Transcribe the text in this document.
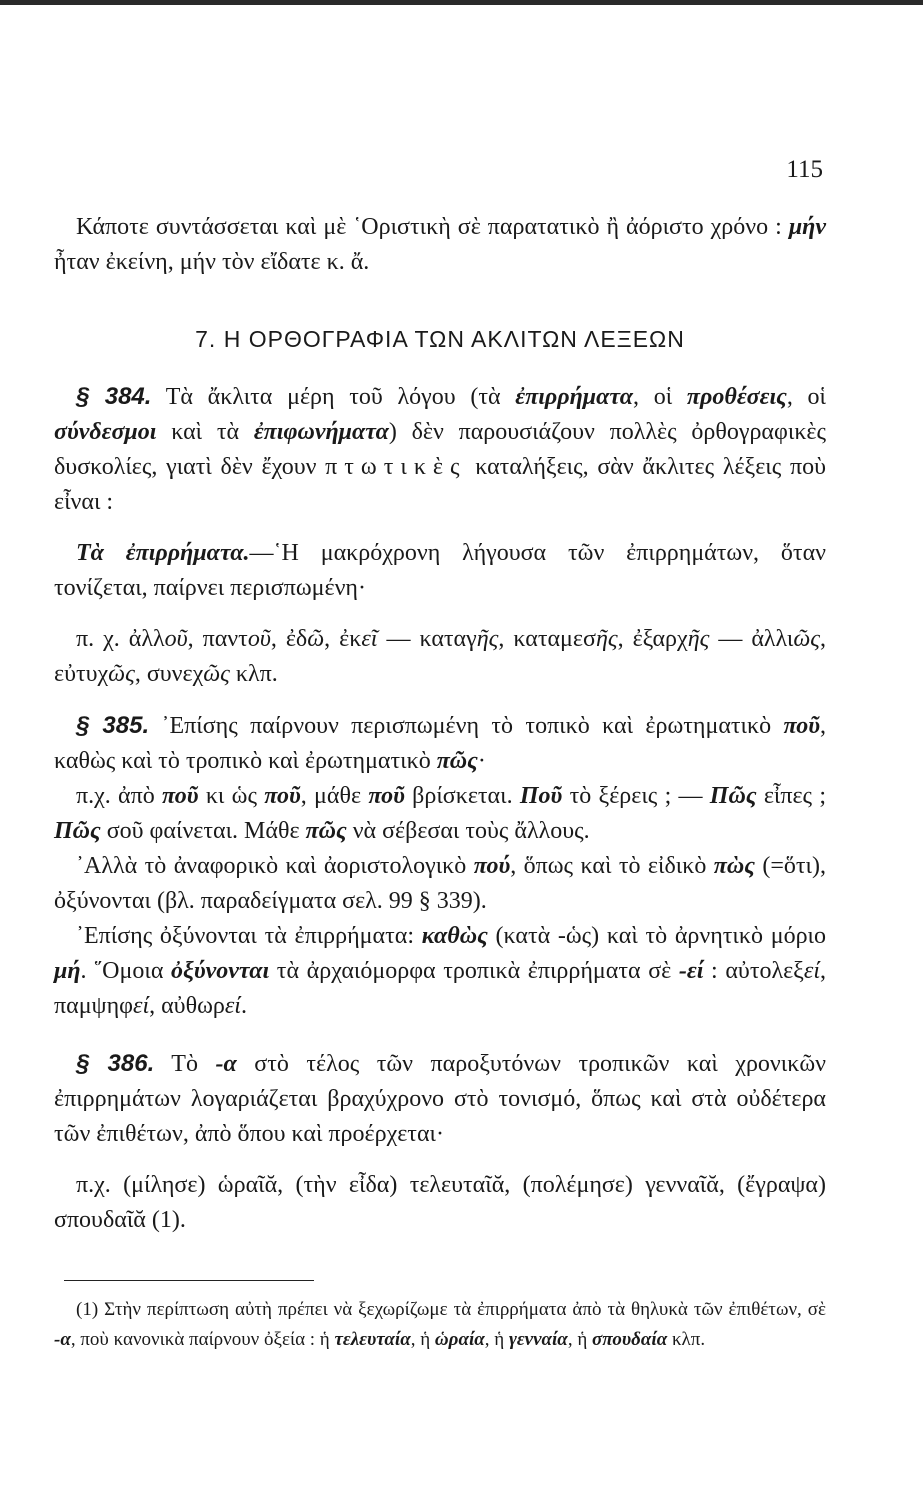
115

Κάποτε συντάσσεται καὶ μὲ ῾Οριστικὴ σὲ παρατατικὸ ἢ ἀόριστο χρόνο : μήν ἦταν ἐκείνη, μήν τὸν εἴδατε κ. ἄ.

7. Η ΟΡΘΟΓΡΑΦΙΑ ΤΩΝ ΑΚΛΙΤΩΝ ΛΕΞΕΩΝ

§ 384. Τὰ ἄκλιτα μέρη τοῦ λόγου (τὰ ἐπιρρήματα, οἱ προθέσεις, οἱ σύνδεσμοι καὶ τὰ ἐπιφωνήματα) δὲν παρουσιάζουν πολλὲς ὀρθογραφικὲς δυσκολίες, γιατὶ δὲν ἔχουν πτωτικὲς καταλήξεις, σὰν ἄκλιτες λέξεις ποὺ εἶναι :

Τὰ ἐπιρρήματα.—῾Η μακρόχρονη λήγουσα τῶν ἐπιρρημάτων, ὅταν τονίζεται, παίρνει περισπωμένη·

π. χ. ἀλλοῦ, παντοῦ, ἐδῶ, ἐκεῖ — καταγῆς, καταμεσῆς, ἐξαρχῆς — ἀλλιῶς, εὐτυχῶς, συνεχῶς κλπ.

§ 385. ᾿Επίσης παίρνουν περισπωμένη τὸ τοπικὸ καὶ ἐρωτηματικὸ ποῦ, καθὼς καὶ τὸ τροπικὸ καὶ ἐρωτηματικὸ πῶς·

π.χ. ἀπὸ ποῦ κι ὡς ποῦ, μάθε ποῦ βρίσκεται. Ποῦ τὸ ξέρεις ; — Πῶς εἶπες ; Πῶς σοῦ φαίνεται. Μάθε πῶς νὰ σέβεσαι τοὺς ἄλλους.

᾿Αλλὰ τὸ ἀναφορικὸ καὶ ἀοριστολογικὸ πού, ὅπως καὶ τὸ εἰδικὸ πὼς (=ὅτι), ὀξύνονται (βλ. παραδείγματα σελ. 99 § 339).

᾿Επίσης ὀξύνονται τὰ ἐπιρρήματα: καθὼς (κατὰ -ὡς) καὶ τὸ ἀρνητικὸ μόριο μή. ῞Ομοια ὀξύνονται τὰ ἀρχαιόμορφα τροπικὰ ἐπιρρήματα σὲ -εί : αὐτολεξεί, παμψηφεί, αὐθωρεί.

§ 386. Τὸ -α στὸ τέλος τῶν παροξυτόνων τροπικῶν καὶ χρονικῶν ἐπιρρημάτων λογαριάζεται βραχύχρονο στὸ τονισμό, ὅπως καὶ στὰ οὐδέτερα τῶν ἐπιθέτων, ἀπὸ ὅπου καὶ προέρχεται·

π.χ. (μίλησε) ὡραῖᾰ, (τὴν εἶδα) τελευταῖᾰ, (πολέμησε) γενναῖᾰ, (ἔγραψα) σπουδαῖᾰ (1).

(1) Στὴν περίπτωση αὐτὴ πρέπει νὰ ξεχωρίζωμε τὰ ἐπιρρήματα ἀπὸ τὰ θηλυκὰ τῶν ἐπιθέτων, σὲ -α, ποὺ κανονικὰ παίρνουν ὀξεία : ἡ τελευταία, ἡ ὡραία, ἡ γενναία, ἡ σπουδαία κλπ.
